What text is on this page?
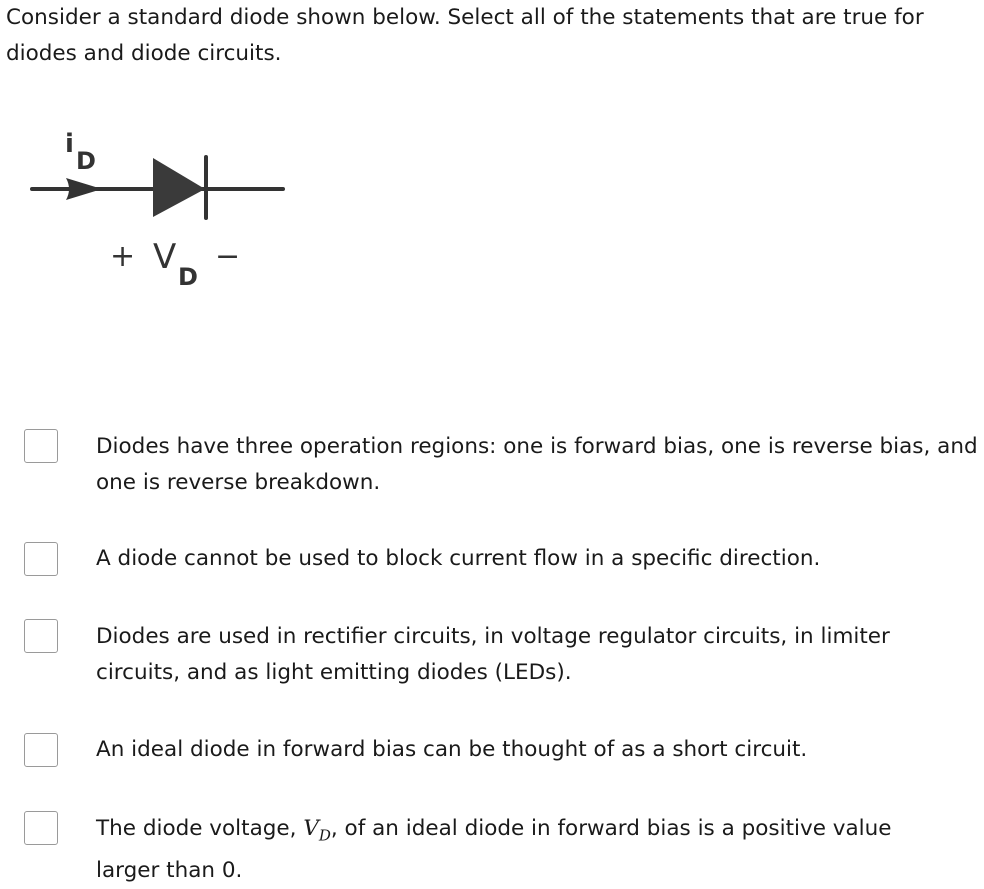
Consider a standard diode shown below. Select all of the statements that are true for diodes and diode circuits.
i
D
+ V D
−
Diodes have three operation regions: one is forward bias, one is reverse bias, and one is reverse breakdown.
A diode cannot be used to block current flow in a specific direction.
Diodes are used in rectifier circuits, in voltage regulator circuits, in limiter circuits, and as light emitting diodes (LEDs).
An ideal diode in forward bias can be thought of as a short circuit.
The diode voltage, $V_D$, of an ideal diode in forward bias is a positive value larger than 0.
